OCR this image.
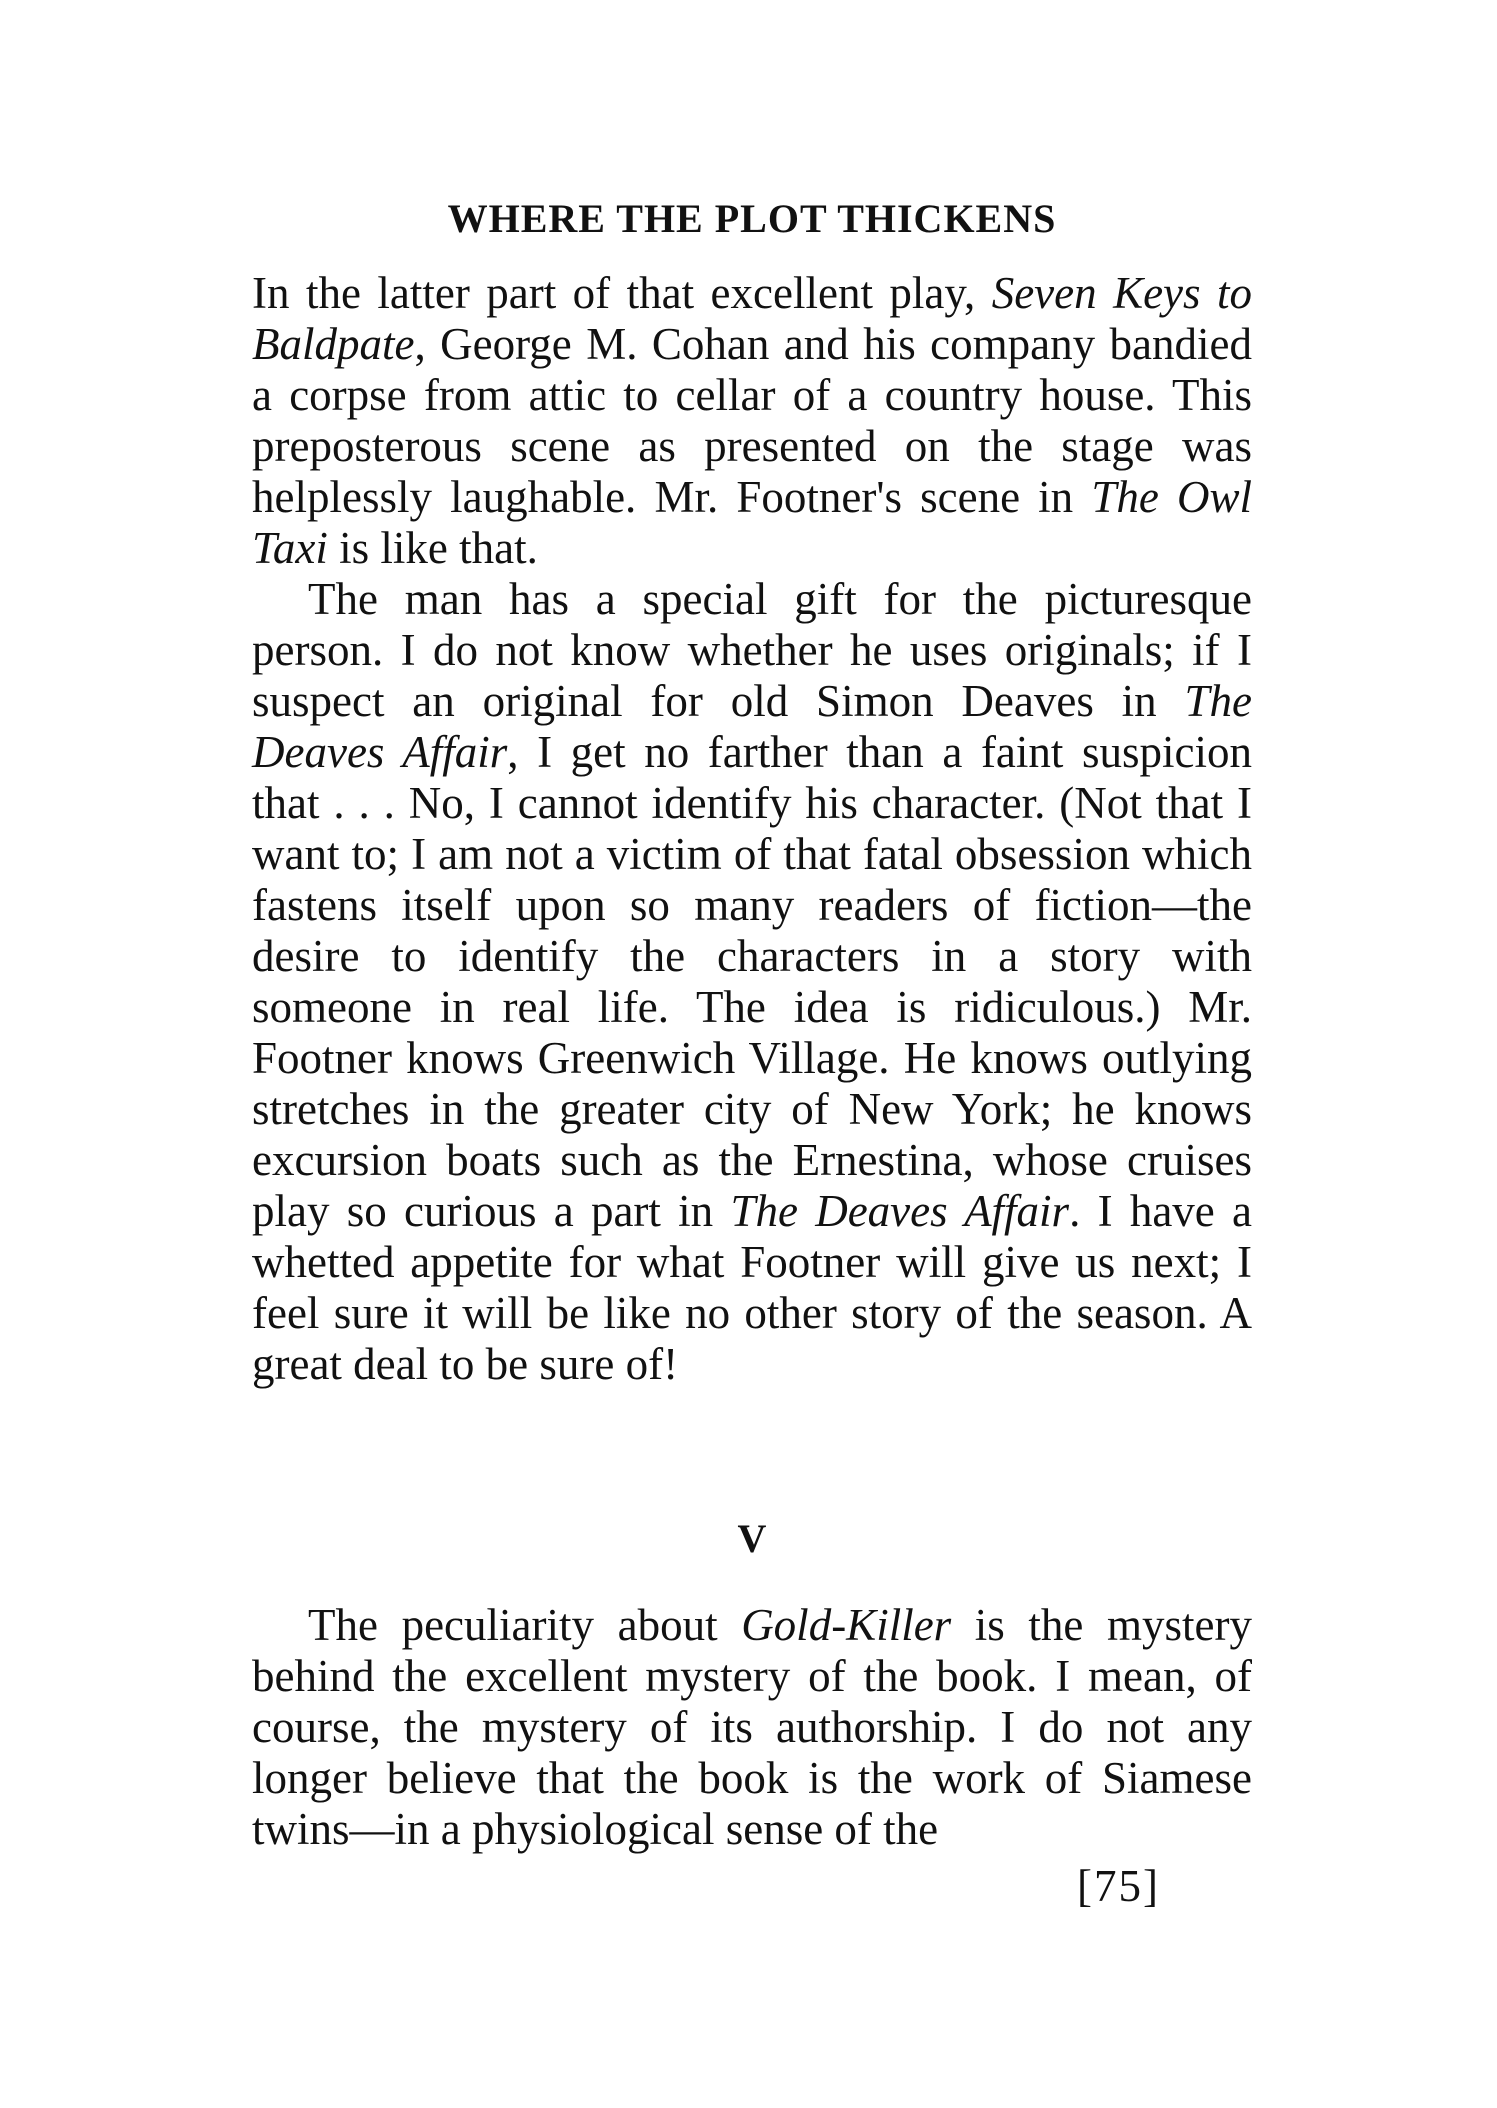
WHERE THE PLOT THICKENS

In the latter part of that excellent play, Seven Keys to Baldpate, George M. Cohan and his company bandied a corpse from attic to cellar of a country house. This preposterous scene as presented on the stage was helplessly laughable. Mr. Footner's scene in The Owl Taxi is like that.

The man has a special gift for the picturesque person. I do not know whether he uses originals; if I suspect an original for old Simon Deaves in The Deaves Affair, I get no farther than a faint suspicion that . . . No, I cannot identify his character. (Not that I want to; I am not a victim of that fatal obsession which fastens itself upon so many readers of fiction—the desire to identify the characters in a story with someone in real life. The idea is ridiculous.) Mr. Footner knows Greenwich Village. He knows outlying stretches in the greater city of New York; he knows excursion boats such as the Ernestina, whose cruises play so curious a part in The Deaves Affair. I have a whetted appetite for what Footner will give us next; I feel sure it will be like no other story of the season. A great deal to be sure of!

V

The peculiarity about Gold-Killer is the mystery behind the excellent mystery of the book. I mean, of course, the mystery of its authorship. I do not any longer believe that the book is the work of Siamese twins—in a physiological sense of the

[75]
